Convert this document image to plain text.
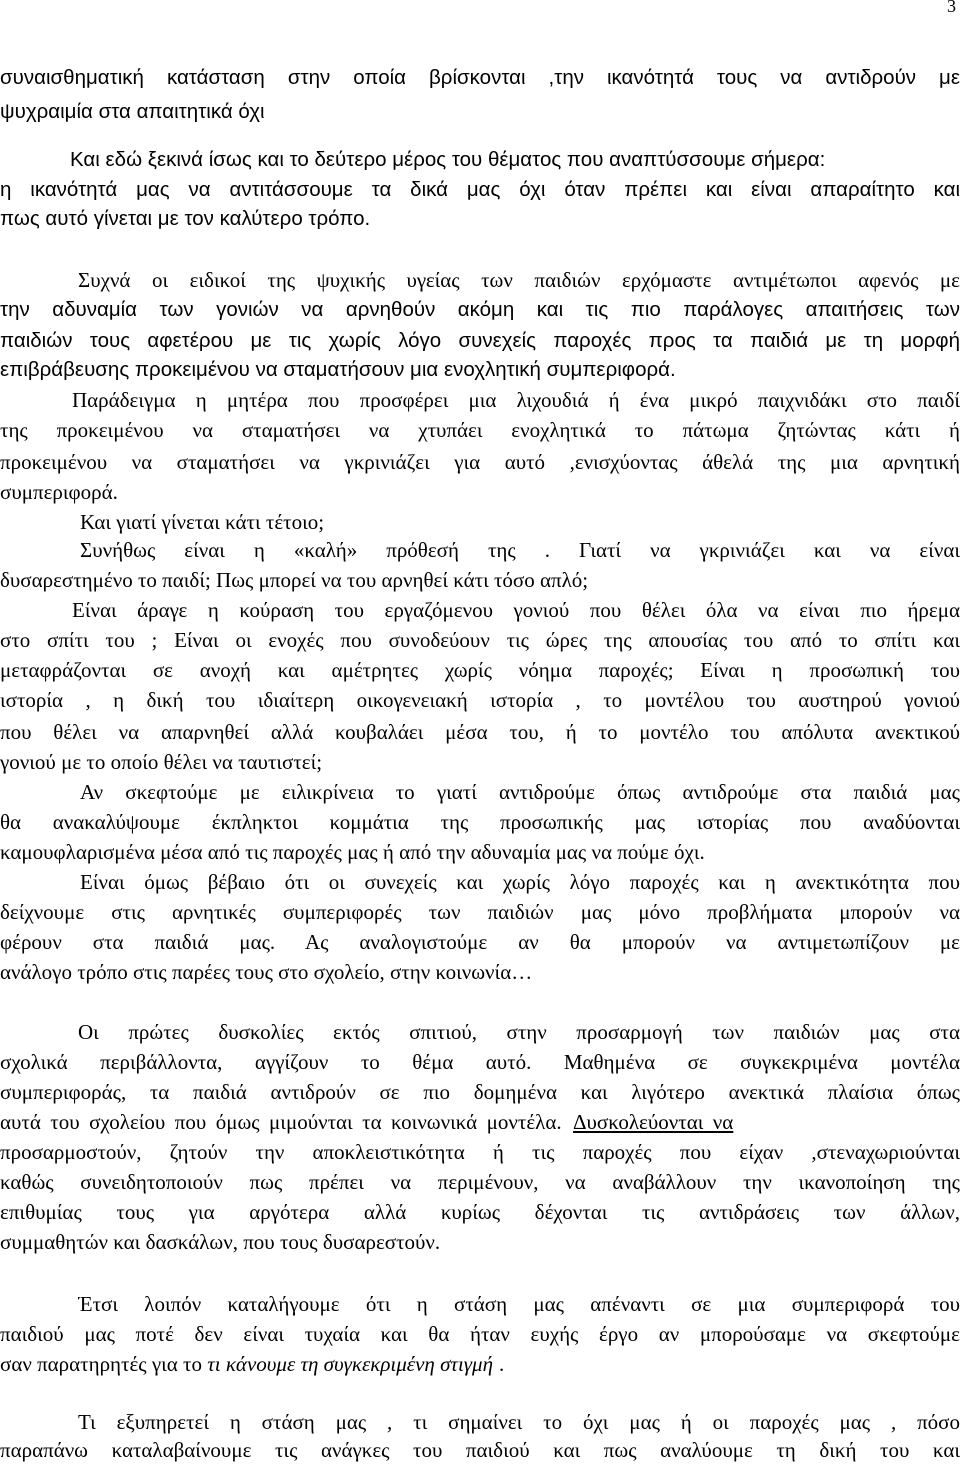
3
συναισθηματική κατάσταση στην οποία βρίσκονται ,την ικανότητά τους να αντιδρούν με
ψυχραιμία στα απαιτητικά όχι
Και εδώ ξεκινά ίσως και το δεύτερο μέρος του θέματος που αναπτύσσουμε σήμερα:
η ικανότητά μας να αντιτάσσουμε τα δικά μας όχι όταν πρέπει και είναι απαραίτητο και
πως αυτό γίνεται με τον καλύτερο τρόπο.
Συχνά οι ειδικοί της ψυχικής υγείας των παιδιών ερχόμαστε αντιμέτωποι αφενός με
την αδυναμία των γονιών να αρνηθούν ακόμη και τις πιο παράλογες απαιτήσεις των
παιδιών τους αφετέρου με τις χωρίς λόγο συνεχείς παροχές προς τα παιδιά με τη μορφή
επιβράβευσης προκειμένου να σταματήσουν μια ενοχλητική συμπεριφορά.
Παράδειγμα η μητέρα που προσφέρει μια λιχουδιά ή ένα μικρό παιχνιδάκι στο παιδί
της προκειμένου να σταματήσει να χτυπάει ενοχλητικά το πάτωμα ζητώντας κάτι ή
προκειμένου να σταματήσει να γκρινιάζει για αυτό ,ενισχύοντας άθελά της μια αρνητική
συμπεριφορά.
Και γιατί γίνεται κάτι τέτοιο;
Συνήθως είναι η «καλή» πρόθεσή της . Γιατί να γκρινιάζει και να είναι
δυσαρεστημένο το παιδί; Πως μπορεί να του αρνηθεί κάτι τόσο απλό;
Είναι άραγε η κούραση του εργαζόμενου γονιού που θέλει όλα να είναι πιο ήρεμα
στο σπίτι του ; Είναι οι ενοχές που συνοδεύουν τις ώρες της απουσίας του από το σπίτι και
μεταφράζονται σε ανοχή και αμέτρητες χωρίς νόημα παροχές; Είναι η προσωπική του
ιστορία , η δική του ιδιαίτερη οικογενειακή ιστορία , το μοντέλου του αυστηρού γονιού
που θέλει να απαρνηθεί αλλά κουβαλάει μέσα του, ή το μοντέλο του απόλυτα ανεκτικού
γονιού με το οποίο θέλει να ταυτιστεί;
Αν σκεφτούμε με ειλικρίνεια το γιατί αντιδρούμε όπως αντιδρούμε στα παιδιά μας
θα ανακαλύψουμε έκπληκτοι κομμάτια της προσωπικής μας ιστορίας που αναδύονται
καμουφλαρισμένα μέσα από τις παροχές μας ή από την αδυναμία μας να πούμε όχι.
Είναι όμως βέβαιο ότι οι συνεχείς και χωρίς λόγο παροχές και η ανεκτικότητα που
δείχνουμε στις αρνητικές συμπεριφορές των παιδιών μας μόνο προβλήματα μπορούν να
φέρουν στα παιδιά μας. Ας αναλογιστούμε αν θα μπορούν να αντιμετωπίζουν με
ανάλογο τρόπο στις παρέες τους στο σχολείο, στην κοινωνία…
Οι πρώτες δυσκολίες εκτός σπιτιού, στην προσαρμογή των παιδιών μας στα
σχολικά περιβάλλοντα, αγγίζουν το θέμα αυτό. Μαθημένα σε συγκεκριμένα μοντέλα
συμπεριφοράς, τα παιδιά αντιδρούν σε πιο δομημένα και λιγότερο ανεκτικά πλαίσια όπως
αυτά του σχολείου που όμως μιμούνται τα κοινωνικά μοντέλα. Δυσκολεύονται να
προσαρμοστούν, ζητούν την αποκλειστικότητα ή τις παροχές που είχαν ,στεναχωριούνται
καθώς συνειδητοποιούν πως πρέπει να περιμένουν, να αναβάλλουν την ικανοποίηση της
επιθυμίας τους για αργότερα αλλά κυρίως δέχονται τις αντιδράσεις των άλλων,
συμμαθητών και δασκάλων, που τους δυσαρεστούν.
Έτσι λοιπόν καταλήγουμε ότι η στάση μας απέναντι σε μια συμπεριφορά του
παιδιού μας ποτέ δεν είναι τυχαία και θα ήταν ευχής έργο αν μπορούσαμε να σκεφτούμε
σαν παρατηρητές για το τι κάνουμε τη συγκεκριμένη στιγμή .
Τι εξυπηρετεί η στάση μας , τι σημαίνει το όχι μας ή οι παροχές μας , πόσο
παραπάνω καταλαβαίνουμε τις ανάγκες του παιδιού και πως αναλύουμε τη δική του και
